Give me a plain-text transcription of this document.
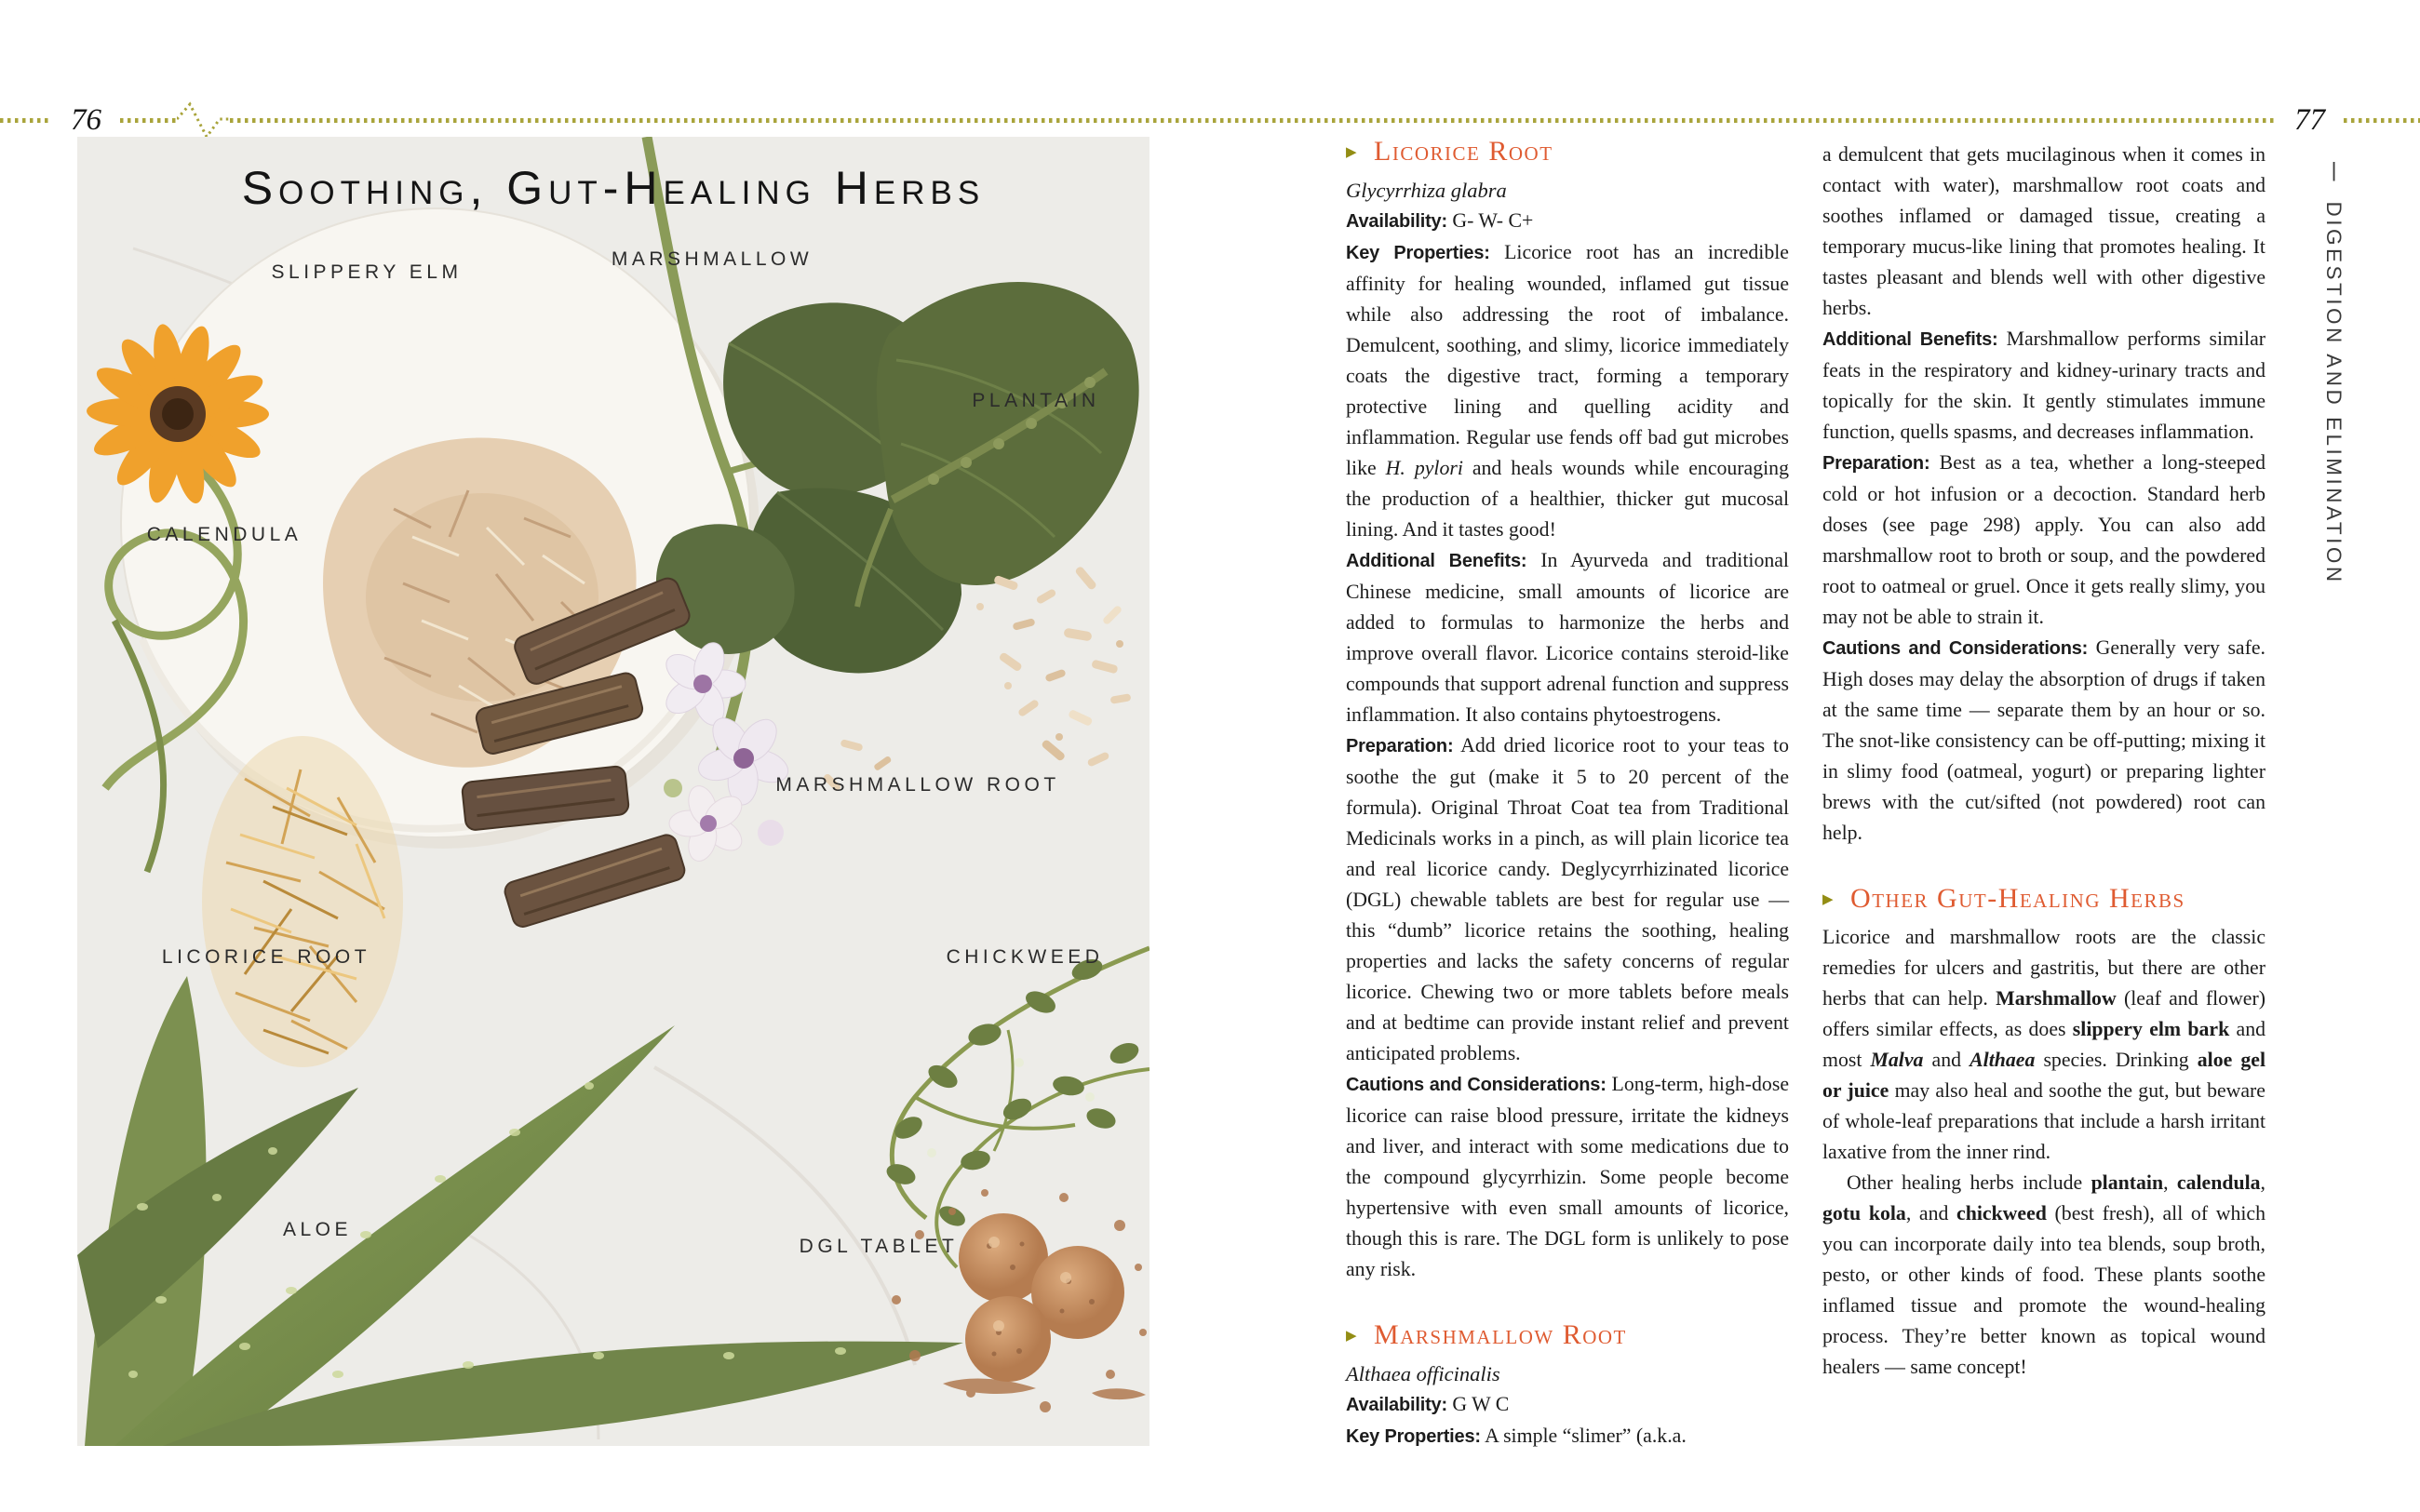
76	77
Soothing, Gut-Healing Herbs
SLIPPERY ELM
MARSHMALLOW
PLANTAIN
CALENDULA
MARSHMALLOW ROOT
LICORICE ROOT	CHICKWEED
ALOE
DGL TABLET
▶ Licorice Root

Glycyrrhiza glabra

Availability: G- W- C+

Key Properties: Licorice root has an incredible affinity for healing wounded, inflamed gut tissue while also addressing the root of imbalance. Demulcent, soothing, and slimy, licorice immediately coats the digestive tract, forming a temporary protective lining and quelling acidity and inflammation. Regular use fends off bad gut microbes like H. pylori and heals wounds while encouraging the production of a healthier, thicker gut mucosal lining. And it tastes good!

Additional Benefits: In Ayurveda and traditional Chinese medicine, small amounts of licorice are added to formulas to harmonize the herbs and improve overall flavor. Licorice contains steroid-like compounds that support adrenal function and suppress inflammation. It also contains phytoestrogens.

Preparation: Add dried licorice root to your teas to soothe the gut (make it 5 to 20 percent of the formula). Original Throat Coat tea from Traditional Medicinals works in a pinch, as will plain licorice tea and real licorice candy. Deglycyrrhizinated licorice (DGL) chewable tablets are best for regular use — this “dumb” licorice retains the soothing, healing properties and lacks the safety concerns of regular licorice. Chewing two or more tablets before meals and at bedtime can provide instant relief and prevent anticipated problems.

Cautions and Considerations: Long-term, high-dose licorice can raise blood pressure, irritate the kidneys and liver, and interact with some medications due to the compound glycyrrhizin. Some people become hypertensive with even small amounts of licorice, though this is rare. The DGL form is unlikely to pose any risk.

▶ Marshmallow Root

Althaea officinalis

Availability: G W C

Key Properties: A simple “slimer” (a.k.a.

a demulcent that gets mucilaginous when it comes in contact with water), marshmallow root coats and soothes inflamed or damaged tissue, creating a temporary mucus-like lining that promotes healing. It tastes pleasant and blends well with other digestive herbs.

Additional Benefits: Marshmallow performs similar feats in the respiratory and kidney-urinary tracts and topically for the skin. It gently stimulates immune function, quells spasms, and decreases inflammation.

Preparation: Best as a tea, whether a long-steeped cold or hot infusion or a decoction. Standard herb doses (see page 298) apply. You can also add marshmallow root to broth or soup, and the powdered root to oatmeal or gruel. Once it gets really slimy, you may not be able to strain it.

Cautions and Considerations: Generally very safe. High doses may delay the absorption of drugs if taken at the same time — separate them by an hour or so. The snot-like consistency can be off-putting; mixing it in slimy food (oatmeal, yogurt) or preparing lighter brews with the cut/sifted (not powdered) root can help.

▶ Other Gut-Healing Herbs

Licorice and marshmallow roots are the classic remedies for ulcers and gastritis, but there are other herbs that can help. Marshmallow (leaf and flower) offers similar effects, as does slippery elm bark and most Malva and Althaea species. Drinking aloe gel or juice may also heal and soothe the gut, but beware of whole-leaf preparations that include a harsh irritant laxative from the inner rind.

Other healing herbs include plantain, calendula, gotu kola, and chickweed (best fresh), all of which you can incorporate daily into tea blends, soup broth, pesto, or other kinds of food. These plants soothe inflamed tissue and promote the wound-healing process. They’re better known as topical wound healers — same concept!

|DIGESTION AND ELIMINATION
